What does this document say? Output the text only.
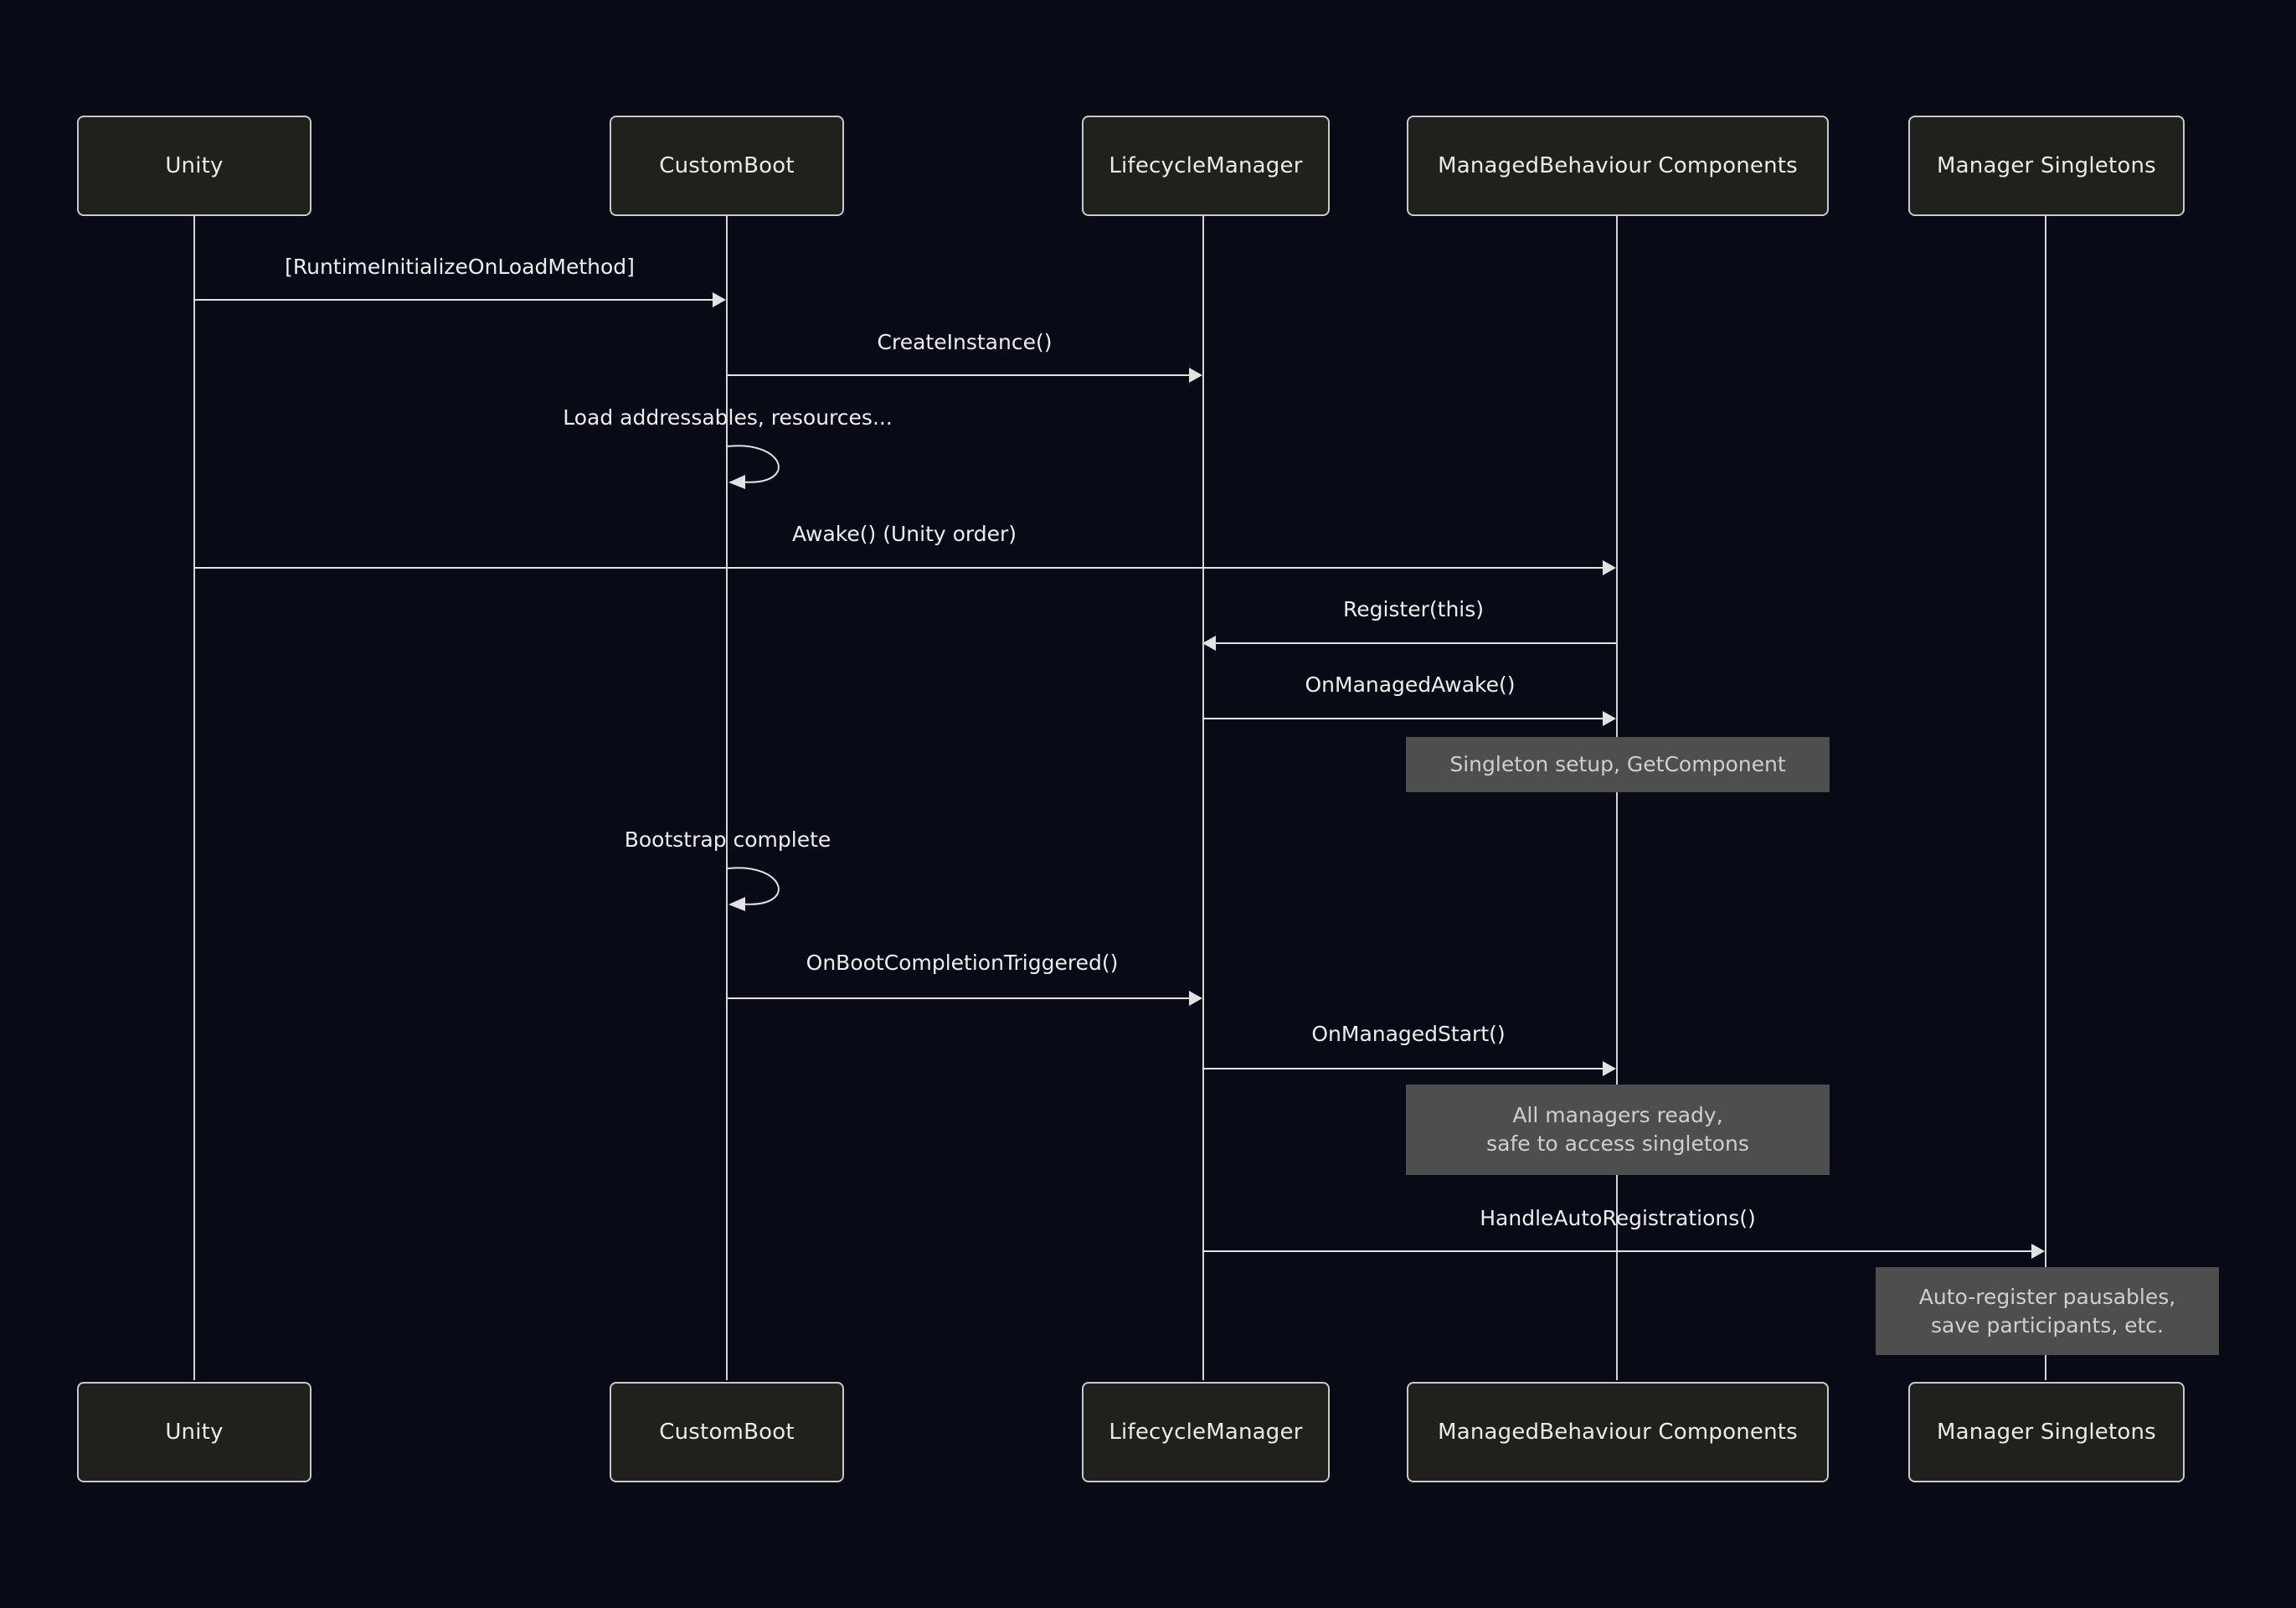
Unity	CustomBoot	LifecycleManager	ManagedBehaviour Components	Manager Singletons
Unity	CustomBoot	LifecycleManager	ManagedBehaviour Components	Manager Singletons
[RuntimeInitializeOnLoadMethod]
CreateInstance()
Load addressables, resources...
Awake() (Unity order)
Register(this)
OnManagedAwake()
Singleton setup, GetComponent
Bootstrap complete
OnBootCompletionTriggered()
OnManagedStart()
All managers ready,
safe to access singletons
HandleAutoRegistrations()
Auto-register pausables,
save participants, etc.
